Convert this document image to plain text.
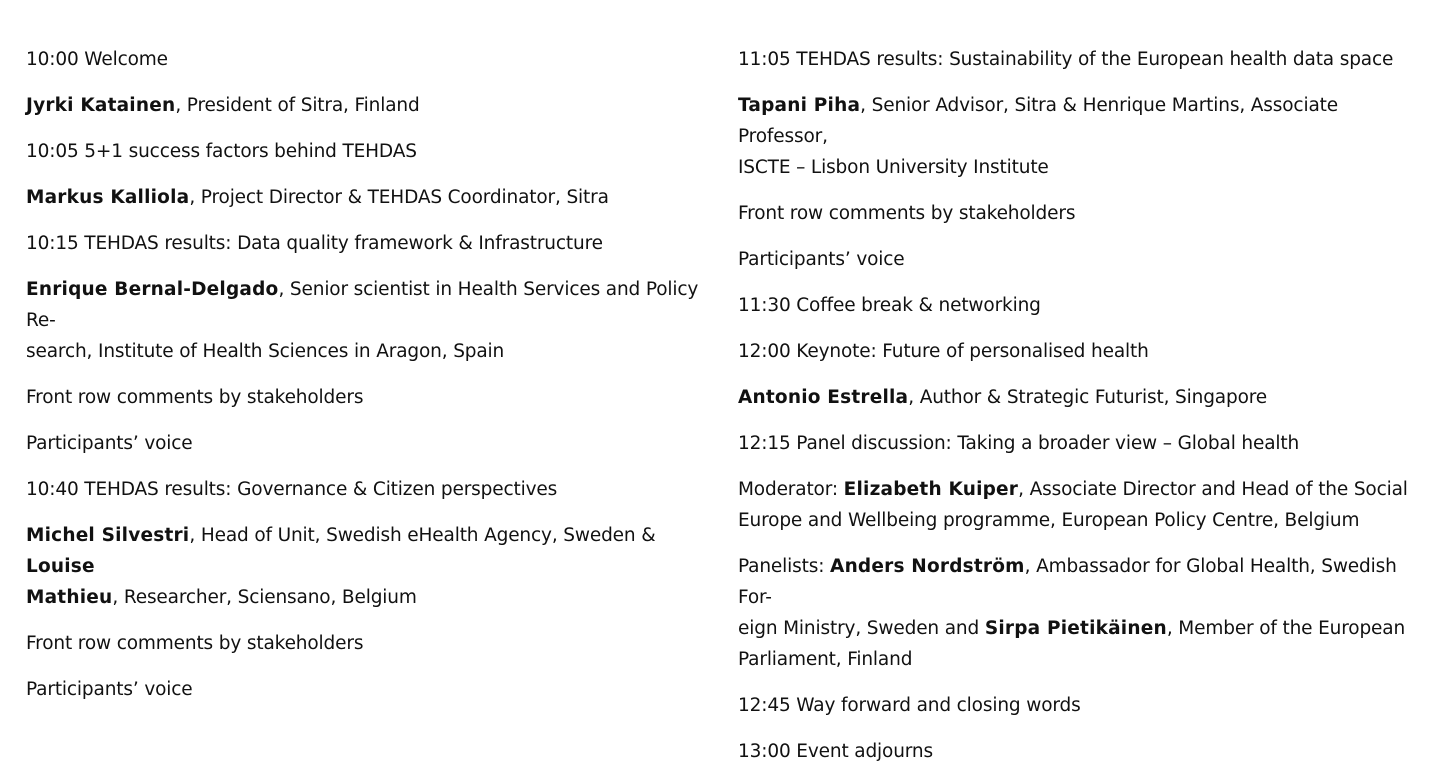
10:00 Welcome

Jyrki Katainen, President of Sitra, Finland

10:05 5+1 success factors behind TEHDAS

Markus Kalliola, Project Director & TEHDAS Coordinator, Sitra

10:15 TEHDAS results: Data quality framework & Infrastructure

Enrique Bernal-Delgado, Senior scientist in Health Services and Policy Re-
search, Institute of Health Sciences in Aragon, Spain

Front row comments by stakeholders

Participants’ voice

10:40 TEHDAS results: Governance & Citizen perspectives

Michel Silvestri, Head of Unit, Swedish eHealth Agency, Sweden & Louise
Mathieu, Researcher, Sciensano, Belgium

Front row comments by stakeholders

Participants’ voice

11:05 TEHDAS results: Sustainability of the European health data space

Tapani Piha, Senior Advisor, Sitra & Henrique Martins, Associate Professor,
ISCTE – Lisbon University Institute

Front row comments by stakeholders

Participants’ voice

11:30 Coffee break & networking

12:00 Keynote: Future of personalised health

Antonio Estrella, Author & Strategic Futurist, Singapore

12:15 Panel discussion: Taking a broader view – Global health

Moderator: Elizabeth Kuiper, Associate Director and Head of the Social
Europe and Wellbeing programme, European Policy Centre, Belgium

Panelists: Anders Nordström, Ambassador for Global Health, Swedish For-
eign Ministry, Sweden and Sirpa Pietikäinen, Member of the European
Parliament, Finland

12:45 Way forward and closing words

13:00 Event adjourns
